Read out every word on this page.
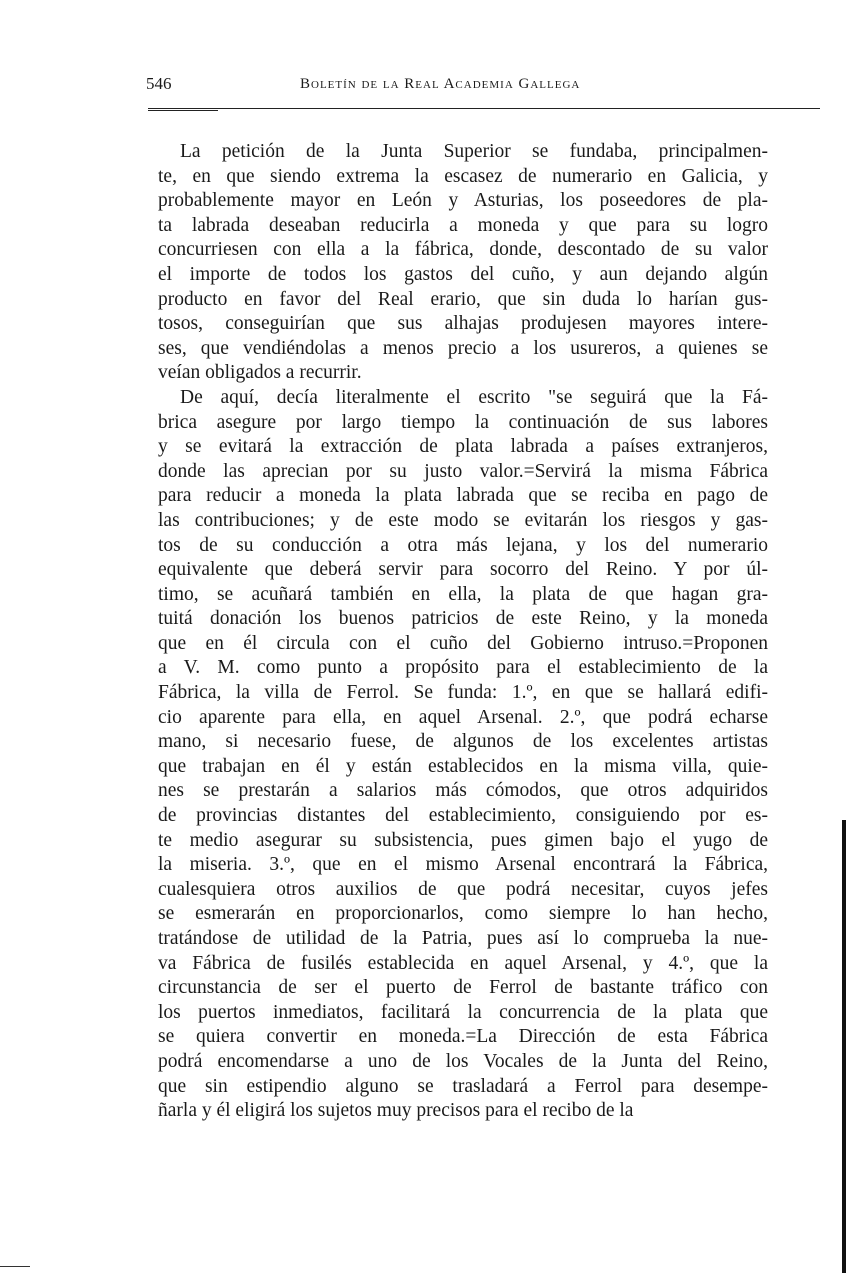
546	Boletín de la Real Academia Gallega
La petición de la Junta Superior se fundaba, principalmen-
te, en que siendo extrema la escasez de numerario en Galicia, y
probablemente mayor en León y Asturias, los poseedores de pla-
ta labrada deseaban reducirla a moneda y que para su logro
concurriesen con ella a la fábrica, donde, descontado de su valor
el importe de todos los gastos del cuño, y aun dejando algún
producto en favor del Real erario, que sin duda lo harían gus-
tosos, conseguirían que sus alhajas produjesen mayores intere-
ses, que vendiéndolas a menos precio a los usureros, a quienes se
veían obligados a recurrir.
De aquí, decía literalmente el escrito "se seguirá que la Fá-
brica asegure por largo tiempo la continuación de sus labores
y se evitará la extracción de plata labrada a países extranjeros,
donde las aprecian por su justo valor.=Servirá la misma Fábrica
para reducir a moneda la plata labrada que se reciba en pago de
las contribuciones; y de este modo se evitarán los riesgos y gas-
tos de su conducción a otra más lejana, y los del numerario
equivalente que deberá servir para socorro del Reino. Y por úl-
timo, se acuñará también en ella, la plata de que hagan gra-
tuitá donación los buenos patricios de este Reino, y la moneda
que en él circula con el cuño del Gobierno intruso.=Proponen
a V. M. como punto a propósito para el establecimiento de la
Fábrica, la villa de Ferrol. Se funda: 1.º, en que se hallará edifi-
cio aparente para ella, en aquel Arsenal. 2.º, que podrá echarse
mano, si necesario fuese, de algunos de los excelentes artistas
que trabajan en él y están establecidos en la misma villa, quie-
nes se prestarán a salarios más cómodos, que otros adquiridos
de provincias distantes del establecimiento, consiguiendo por es-
te medio asegurar su subsistencia, pues gimen bajo el yugo de
la miseria. 3.º, que en el mismo Arsenal encontrará la Fábrica,
cualesquiera otros auxilios de que podrá necesitar, cuyos jefes
se esmerarán en proporcionarlos, como siempre lo han hecho,
tratándose de utilidad de la Patria, pues así lo comprueba la nue-
va Fábrica de fusilés establecida en aquel Arsenal, y 4.º, que la
circunstancia de ser el puerto de Ferrol de bastante tráfico con
los puertos inmediatos, facilitará la concurrencia de la plata que
se quiera convertir en moneda.=La Dirección de esta Fábrica
podrá encomendarse a uno de los Vocales de la Junta del Reino,
que sin estipendio alguno se trasladará a Ferrol para desempe-
ñarla y él eligirá los sujetos muy precisos para el recibo de la
